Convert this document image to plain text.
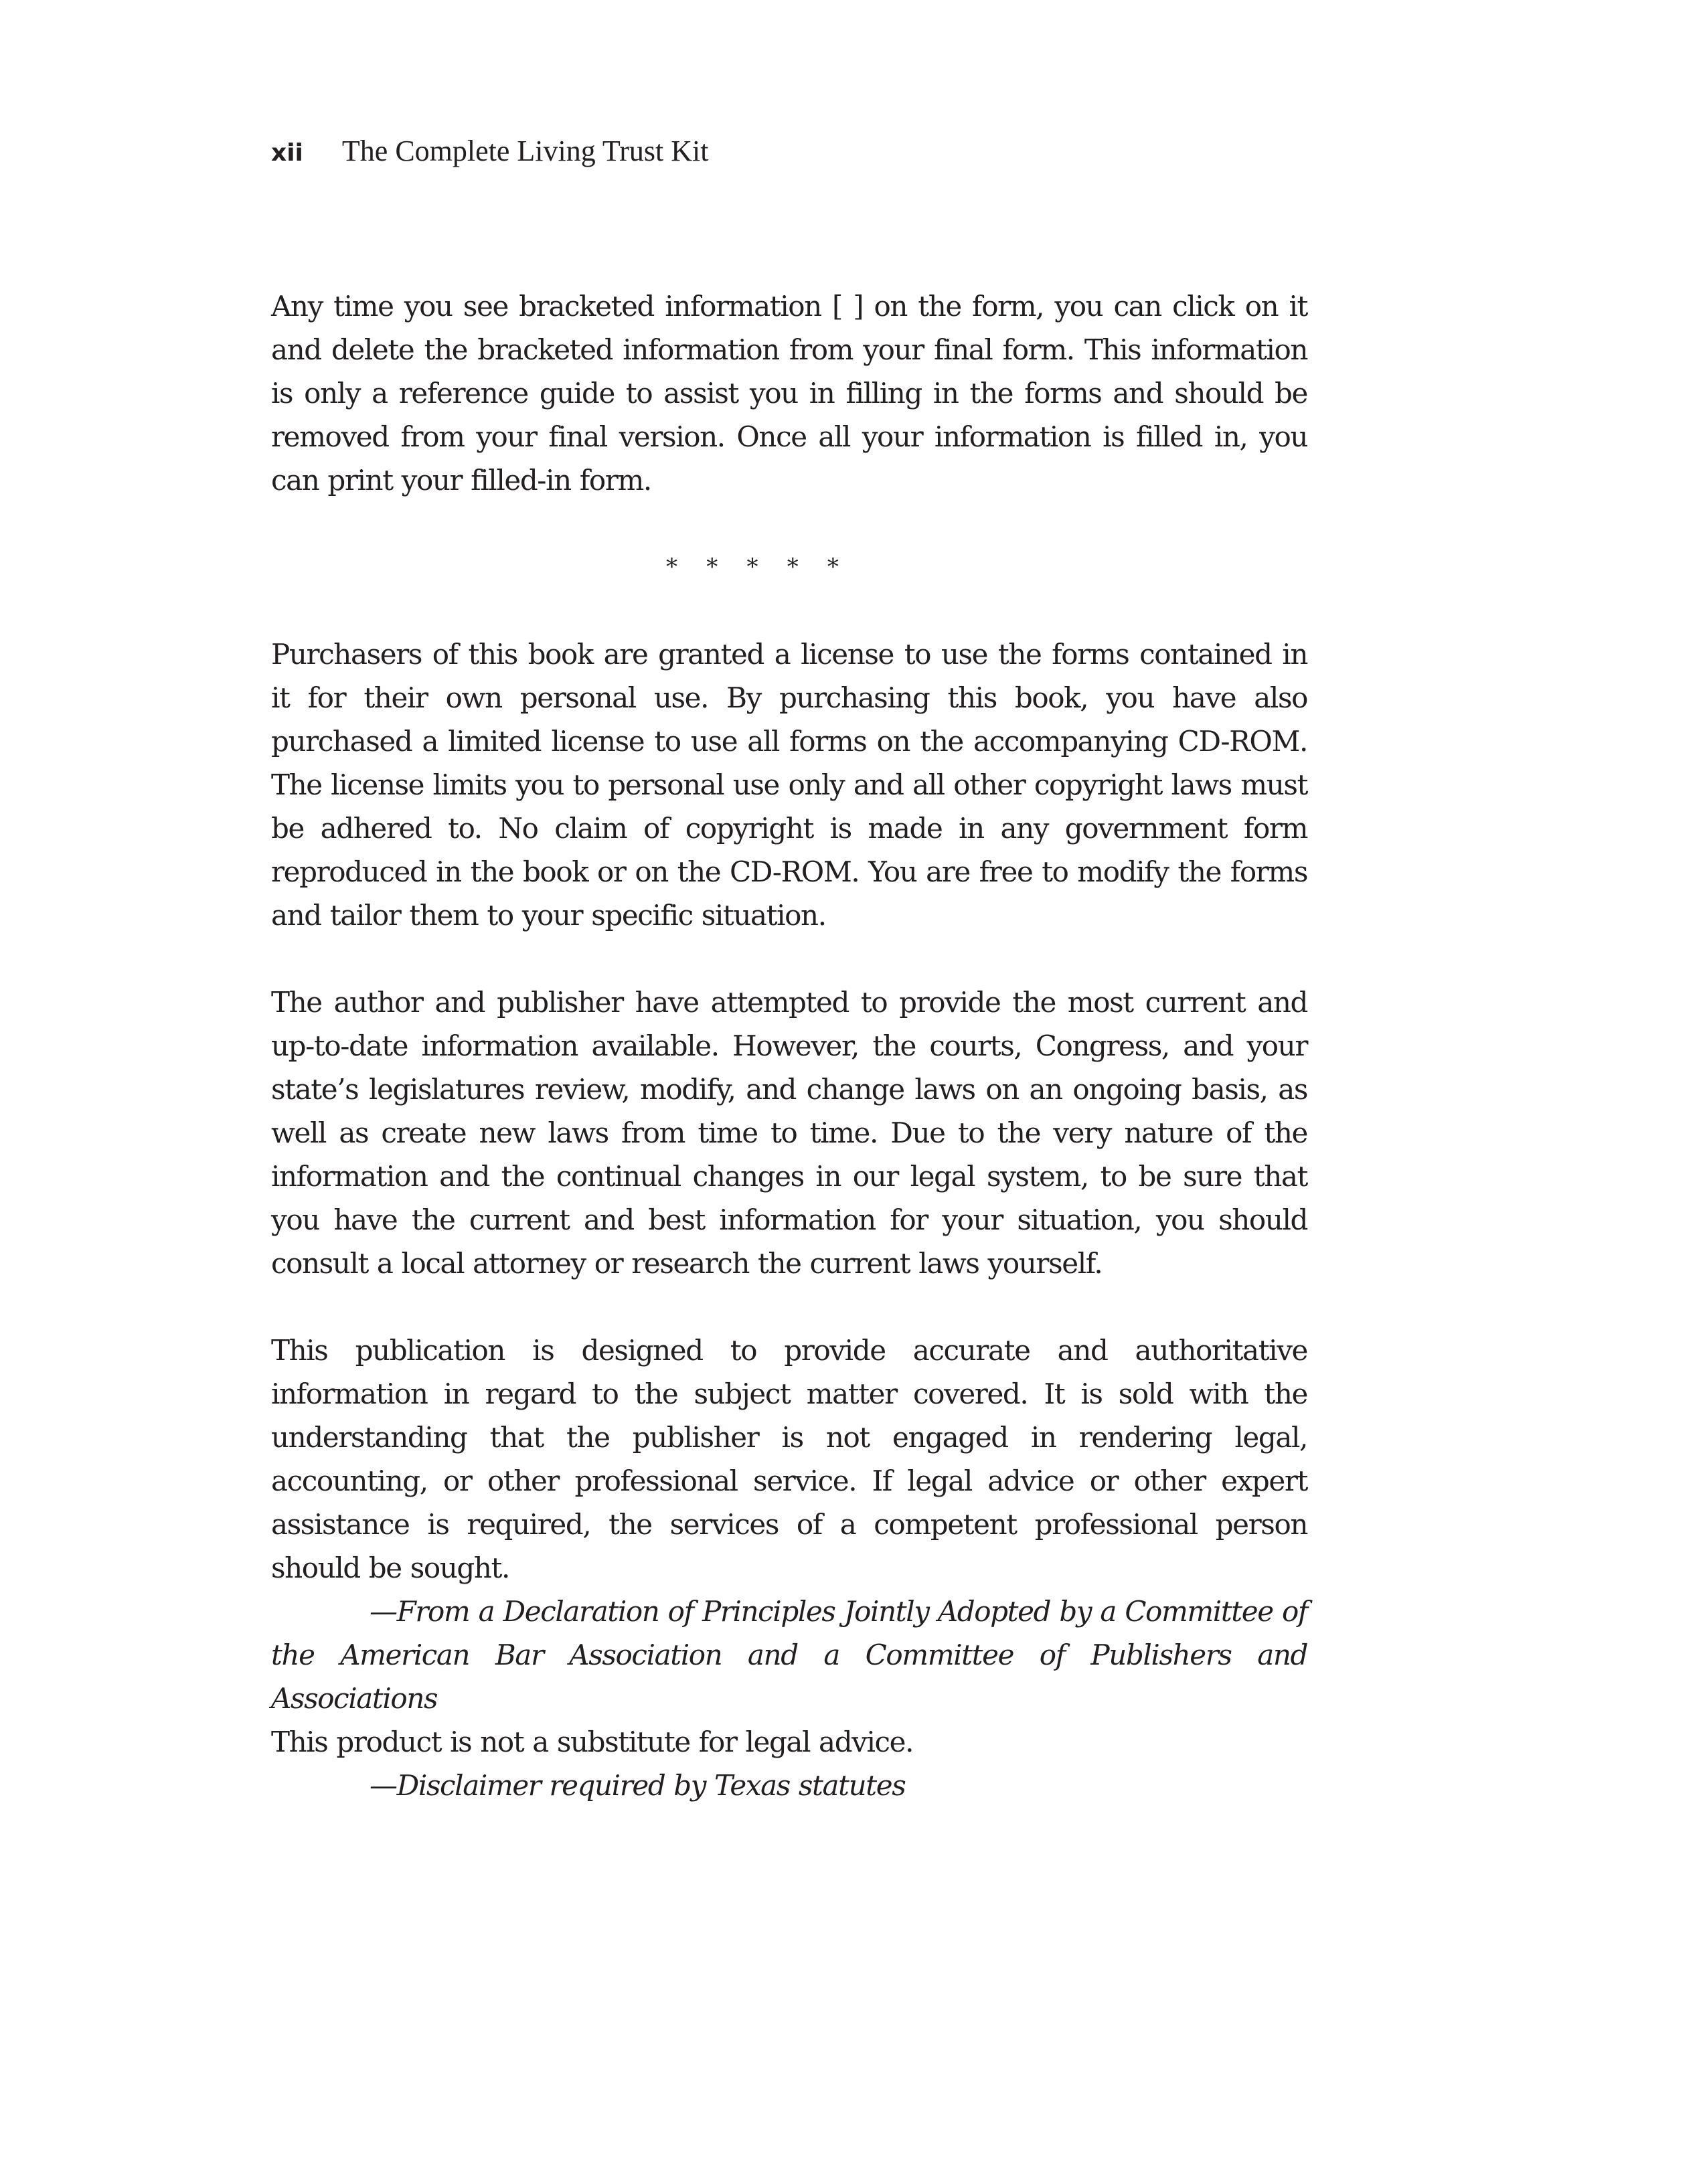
xii The Complete Living Trust Kit

Any time you see bracketed information [ ] on the form, you can click on it and delete the bracketed information from your final form. This information is only a reference guide to assist you in filling in the forms and should be removed from your final version. Once all your information is filled in, you can print your filled-in form.

*    *    *    *    *

Purchasers of this book are granted a license to use the forms contained in it for their own personal use. By purchasing this book, you have also purchased a limited license to use all forms on the accompanying CD-ROM. The license limits you to personal use only and all other copyright laws must be adhered to. No claim of copyright is made in any government form reproduced in the book or on the CD-ROM. You are free to modify the forms and tailor them to your specific situation.

The author and publisher have attempted to provide the most current and up-to-date information available. However, the courts, Congress, and your state’s legislatures review, modify, and change laws on an ongoing basis, as well as create new laws from time to time. Due to the very nature of the information and the continual changes in our legal system, to be sure that you have the current and best information for your situation, you should consult a local attorney or research the current laws yourself.

This publication is designed to provide accurate and authoritative information in regard to the subject matter covered. It is sold with the understanding that the publisher is not engaged in rendering legal, accounting, or other professional service. If legal advice or other expert assistance is required, the services of a competent professional person should be sought.

—From a Declaration of Principles Jointly Adopted by a Committee of the American Bar Association and a Committee of Publishers and Associations

This product is not a substitute for legal advice.

—Disclaimer required by Texas statutes
